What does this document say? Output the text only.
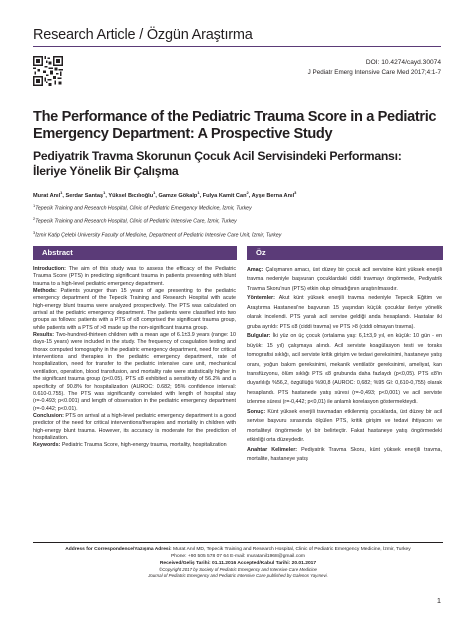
Research Article / Özgün Araştırma
DOI: 10.4274/cayd.30074
J Pediatr Emerg Intensive Care Med 2017;4:1-7
The Performance of the Pediatric Trauma Score in a Pediatric Emergency Department: A Prospective Study
Pediyatrik Travma Skorunun Çocuk Acil Servisindeki Performansı:
İleriye Yönelik Bir Çalışma
Murat Anıl$^1$, Serdar Santaş$^1$, Yüksel Bıcılıoğlu$^1$, Gamze Gökalp$^1$, Fulya Kamit Can$^2$, Ayşe Berna Anıl$^3$
$^1$Tepecik Training and Research Hospital, Clinic of Pediatric Emergency Medicine, İzmir, Turkey
$^2$Tepecik Training and Research Hospital, Clinic of Pediatric Intensive Care, İzmir, Turkey
$^3$İzmir Katip Çelebi University Faculty of Medicine, Department of Pediatric Intensive Care Unit, İzmir, Turkey
Abstract	Öz

Introduction: The aim of this study was to assess the efficacy of the Pediatric Trauma Score (PTS) in predicting significant trauma in patients presenting with blunt trauma to a high-level pediatric emergency department.

Methods: Patients younger than 15 years of age presenting to the pediatric emergency department of the Tepecik Training and Research Hospital with acute high-energy blunt trauma were analyzed prospectively. The PTS was calculated on arrival at the pediatric emergency department. The patients were classified into two groups as follows: patients with a PTS of ≤8 comprised the significant trauma group, while patients with a PTS of >8 made up the non-significant trauma group.

Results: Two-hundred-thirteen children with a mean age of 6.1±3.9 years (range: 10 days-15 years) were included in the study. The frequency of coagulation testing and thorax computed tomography in the pediatric emergency department, need for critical interventions and therapies in the pediatric emergency department, rate of hospitalization, need for transfer to the pediatric intensive care unit, mechanical ventilation, operation, blood transfusion, and mortality rate were statistically higher in the significant trauma group (p<0.05). PTS ≤8 exhibited a sensitivity of 56.2% and a specificity of 90.8% for hospitalization (AUROC: 0.682; 95% confidence interval: 0.610-0.755). The PTS was significantly correlated with length of hospital stay (r=-0.493; p<0.001) and length of observation in the pediatric emergency department (r=-0.442; p<0.01).

Conclusion: PTS on arrival at a high-level pediatric emergency department is a good predictor of the need for critical interventions/therapies and mortality in children with high-energy blunt trauma. However, its accuracy is moderate for the prediction of hospitalization.

Keywords: Pediatric Trauma Score, high-energy trauma, mortality, hospitalization

Amaç: Çalışmanın amacı, üst düzey bir çocuk acil servisine künt yüksek enerjili travma nedeniyle başvuran çocuklardaki ciddi travmayı öngörmede, Pediyatrik Travma Skoru'nun (PTS) etkin olup olmadığının araştırılmasıdır.

Yöntemler: Akut künt yüksek enerjili travma nedeniyle Tepecik Eğitim ve Araştırma Hastanesi'ne başvuran 15 yaşından küçük çocuklar ileriye yönelik olarak incelendi. PTS yaralı acil servise geldiği anda hesaplandı. Hastalar iki gruba ayrıldı: PTS ≤8 (ciddi travma) ve PTS >8 (ciddi olmayan travma).

Bulgular: İki yüz on üç çocuk (ortalama yaş: 6,1±3,9 yıl, en küçük: 10 gün - en büyük: 15 yıl) çalışmaya alındı. Acil serviste koagülasyon testi ve toraks tomografisi sıklığı, acil serviste kritik girişim ve tedavi gereksinimi, hastaneye yatış oranı, yoğun bakım gereksinimi, mekanik ventilatör gereksinimi, ameliyat, kan transfüzyonu, ölüm sıklığı PTS ≤8 grubunda daha fazlaydı (p<0,05). PTS ≤8'in duyarlılığı %56,2, özgüllüğü %90,8 (AUROC: 0,682; %95 GI: 0,610-0,755) olarak hesaplandı. PTS hastanede yatış süresi (r=-0,493; p<0,001) ve acil serviste izlenme süresi (r=-0,442; p<0,01) ile anlamlı korelasyon göstermekteydi.

Sonuç: Künt yüksek enerjili travmadan etkilenmiş çocuklarda, üst düzey bir acil servise başvuru sırasında ölçülen PTS, kritik girişim ve tedavi ihtiyacını ve mortaliteyi öngörmede iyi bir belirteçtir. Fakat hastaneye yatış öngörmedeki etkinliği orta düzeydedir.

Anahtar Kelimeler: Pediyatrik Travma Skoru, künt yüksek enerjili travma, mortalite, hastaneye yatış

Address for Correspondence/Yazışma Adresi: Murat Anıl MD, Tepecik Training and Research Hospital, Clinic of Pediatric Emergency Medicine, İzmir, Turkey
Phone: +90 505 578 07 64 E-mail: muratanil1968@gmail.com
Received/Geliş Tarihi: 01.11.2016 Accepted/Kabul Tarihi: 20.01.2017
©Copyright 2017 by Society of Pediatric Emergency and Intensive Care Medicine
Journal of Pediatric Emergency and Pediatric Intensive Care published by Galenos Yayınevi.
1
